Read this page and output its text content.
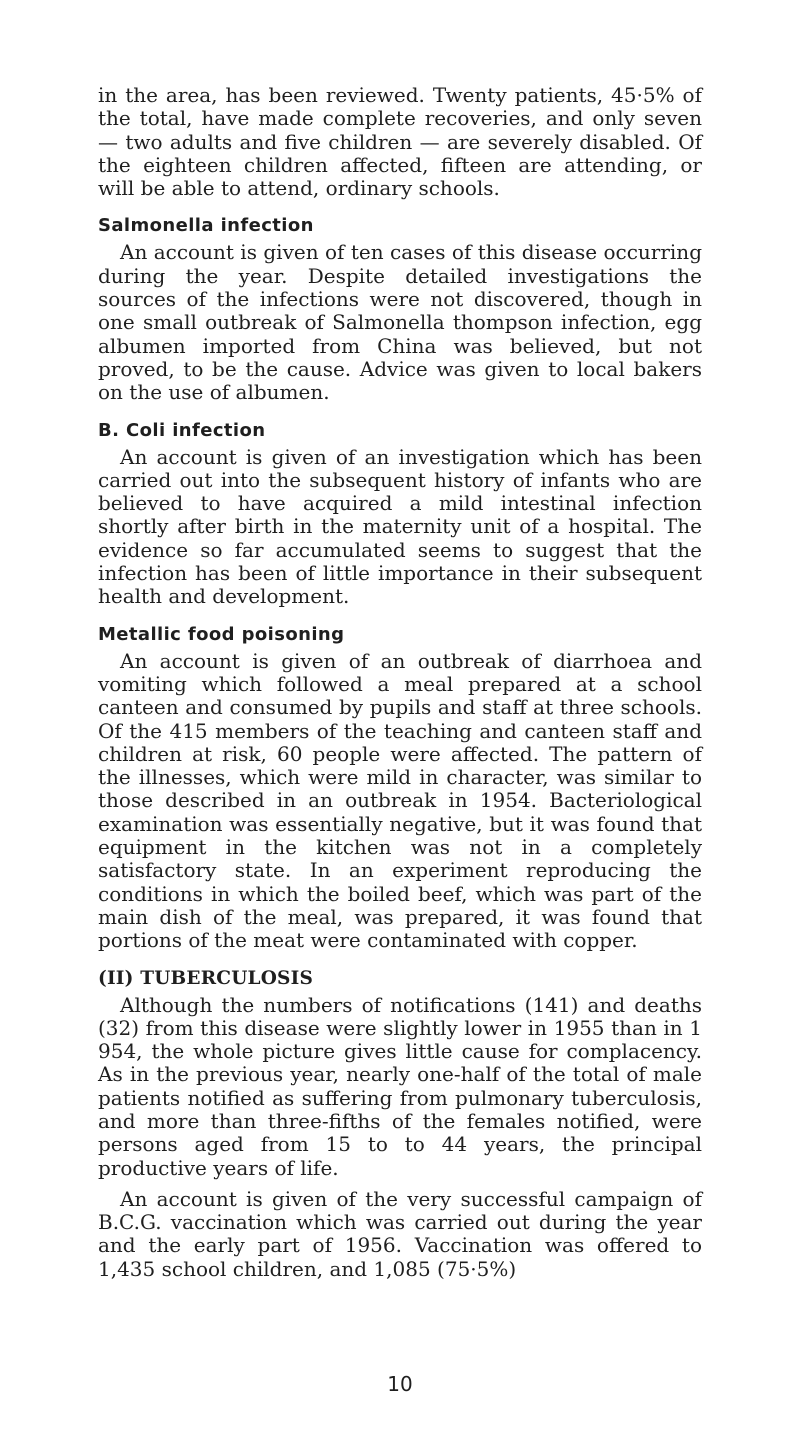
in the area, has been reviewed. Twenty patients, 45·5% of the total, have made complete recoveries, and only seven — two adults and five children — are severely disabled. Of the eighteen children affected, fifteen are attending, or will be able to attend, ordinary schools.

Salmonella infection

An account is given of ten cases of this disease occurring during the year. Despite detailed investigations the sources of the infections were not discovered, though in one small outbreak of Salmonella thompson infection, egg albumen imported from China was believed, but not proved, to be the cause. Advice was given to local bakers on the use of albumen.

B. Coli infection

An account is given of an investigation which has been carried out into the subsequent history of infants who are believed to have acquired a mild intestinal infection shortly after birth in the maternity unit of a hospital. The evidence so far accumulated seems to suggest that the infection has been of little importance in their subsequent health and development.

Metallic food poisoning

An account is given of an outbreak of diarrhoea and vomiting which followed a meal prepared at a school canteen and consumed by pupils and staff at three schools. Of the 415 members of the teaching and canteen staff and children at risk, 60 people were affected. The pattern of the illnesses, which were mild in character, was similar to those described in an outbreak in 1954. Bacteriological examination was essentially negative, but it was found that equipment in the kitchen was not in a completely satisfactory state. In an experiment reproducing the conditions in which the boiled beef, which was part of the main dish of the meal, was prepared, it was found that portions of the meat were contaminated with copper.

(II) TUBERCULOSIS

Although the numbers of notifications (141) and deaths (32) from this disease were slightly lower in 1955 than in 1 954, the whole picture gives little cause for complacency. As in the previous year, nearly one-half of the total of male patients notified as suffering from pulmonary tuberculosis, and more than three-fifths of the females notified, were persons aged from 15 to to 44 years, the principal productive years of life.

An account is given of the very successful campaign of B.C.G. vaccination which was carried out during the year and the early part of 1956. Vaccination was offered to 1,435 school children, and 1,085 (75·5%)

10
